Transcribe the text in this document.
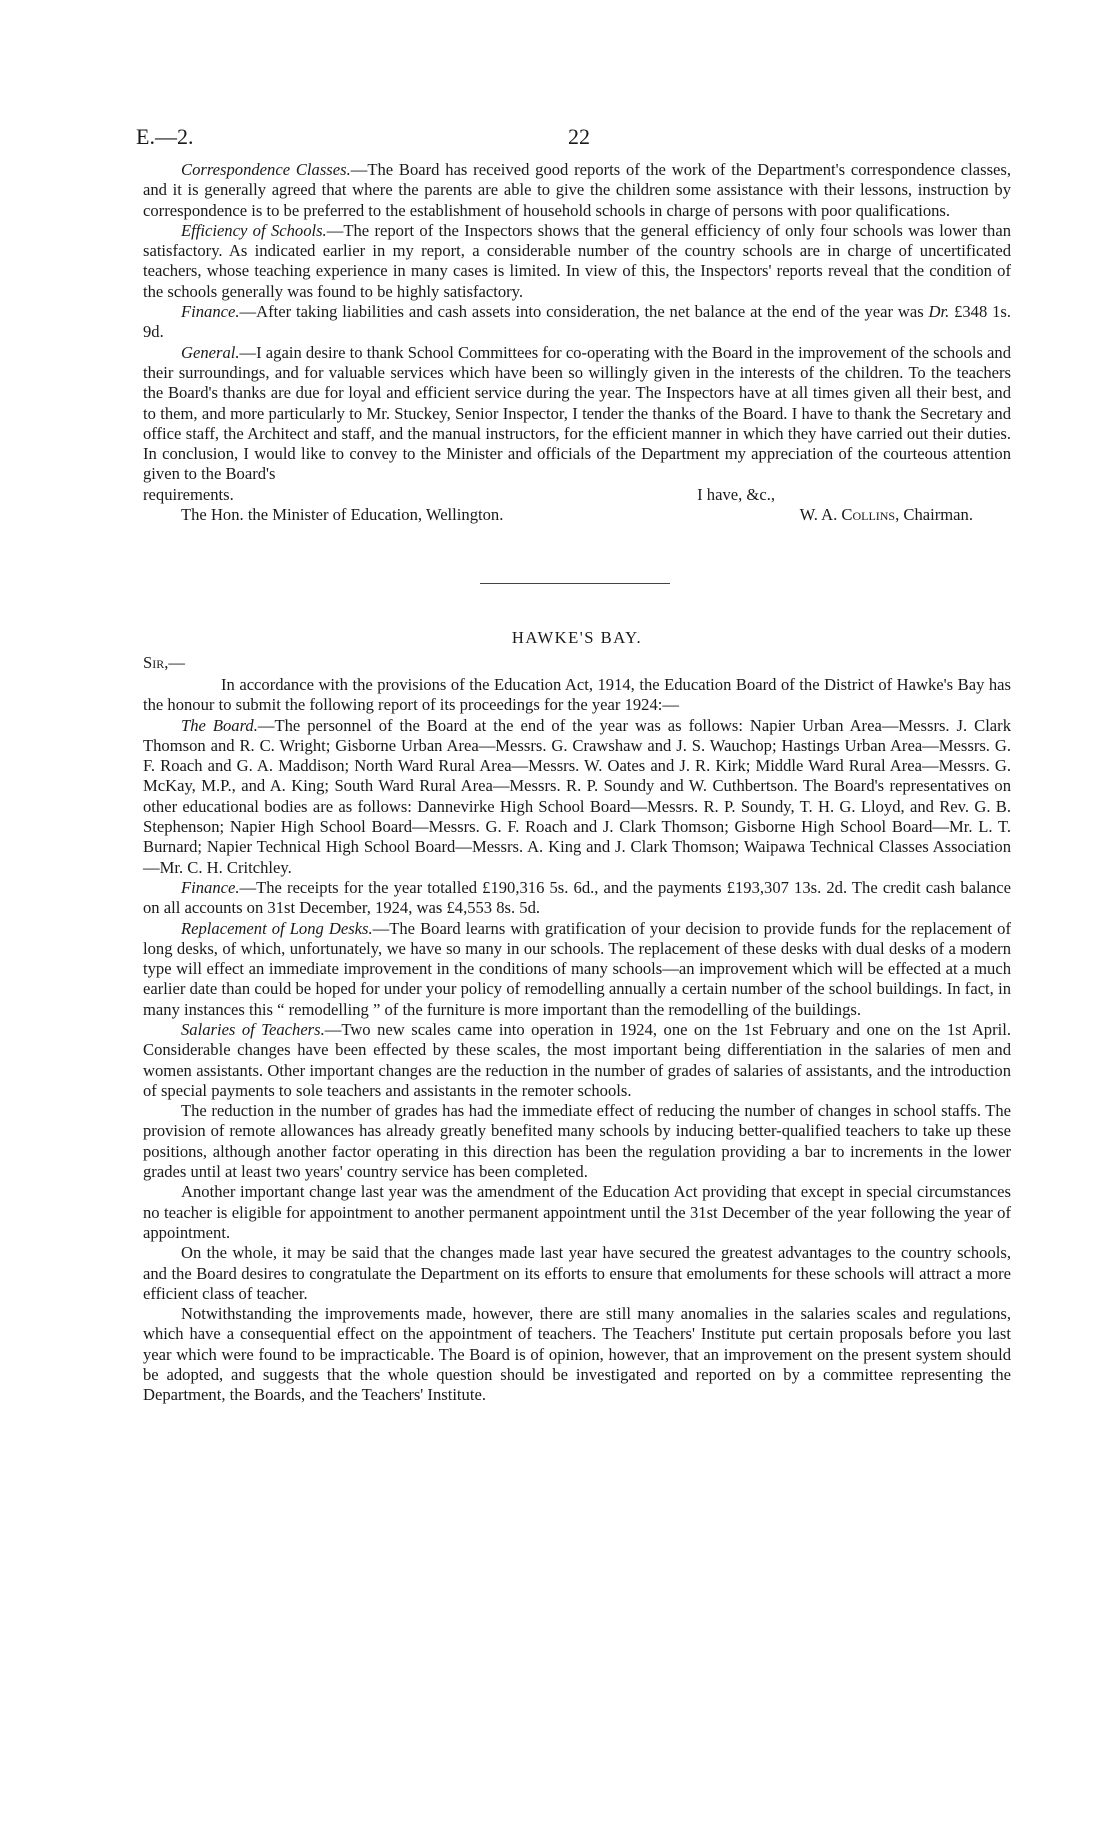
E.—2.	22

Correspondence Classes.—The Board has received good reports of the work of the Department's correspondence classes, and it is generally agreed that where the parents are able to give the children some assistance with their lessons, instruction by correspondence is to be preferred to the establishment of household schools in charge of persons with poor qualifications.

Efficiency of Schools.—The report of the Inspectors shows that the general efficiency of only four schools was lower than satisfactory. As indicated earlier in my report, a considerable number of the country schools are in charge of uncertificated teachers, whose teaching experience in many cases is limited. In view of this, the Inspectors' reports reveal that the condition of the schools generally was found to be highly satisfactory.

Finance.—After taking liabilities and cash assets into consideration, the net balance at the end of the year was Dr. £348 1s. 9d.

General.—I again desire to thank School Committees for co-operating with the Board in the improvement of the schools and their surroundings, and for valuable services which have been so willingly given in the interests of the children. To the teachers the Board's thanks are due for loyal and efficient service during the year. The Inspectors have at all times given all their best, and to them, and more particularly to Mr. Stuckey, Senior Inspector, I tender the thanks of the Board. I have to thank the Secretary and office staff, the Architect and staff, and the manual instructors, for the efficient manner in which they have carried out their duties. In conclusion, I would like to convey to the Minister and officials of the Department my appreciation of the courteous attention given to the Board's

requirements.	I have, &c.,
The Hon. the Minister of Education, Wellington.	W. A. Collins, Chairman.
HAWKE'S BAY.

Sir,—

In accordance with the provisions of the Education Act, 1914, the Education Board of the District of Hawke's Bay has the honour to submit the following report of its proceedings for the year 1924:—

The Board.—The personnel of the Board at the end of the year was as follows: Napier Urban Area—Messrs. J. Clark Thomson and R. C. Wright; Gisborne Urban Area—Messrs. G. Crawshaw and J. S. Wauchop; Hastings Urban Area—Messrs. G. F. Roach and G. A. Maddison; North Ward Rural Area—Messrs. W. Oates and J. R. Kirk; Middle Ward Rural Area—Messrs. G. McKay, M.P., and A. King; South Ward Rural Area—Messrs. R. P. Soundy and W. Cuthbertson. The Board's representatives on other educational bodies are as follows: Dannevirke High School Board—Messrs. R. P. Soundy, T. H. G. Lloyd, and Rev. G. B. Stephenson; Napier High School Board—Messrs. G. F. Roach and J. Clark Thomson; Gisborne High School Board—Mr. L. T. Burnard; Napier Technical High School Board—Messrs. A. King and J. Clark Thomson; Waipawa Technical Classes Association—Mr. C. H. Critchley.

Finance.—The receipts for the year totalled £190,316 5s. 6d., and the payments £193,307 13s. 2d. The credit cash balance on all accounts on 31st December, 1924, was £4,553 8s. 5d.

Replacement of Long Desks.—The Board learns with gratification of your decision to provide funds for the replacement of long desks, of which, unfortunately, we have so many in our schools. The replacement of these desks with dual desks of a modern type will effect an immediate improvement in the conditions of many schools—an improvement which will be effected at a much earlier date than could be hoped for under your policy of remodelling annually a certain number of the school buildings. In fact, in many instances this “ remodelling ” of the furniture is more important than the remodelling of the buildings.

Salaries of Teachers.—Two new scales came into operation in 1924, one on the 1st February and one on the 1st April. Considerable changes have been effected by these scales, the most important being differentiation in the salaries of men and women assistants. Other important changes are the reduction in the number of grades of salaries of assistants, and the introduction of special payments to sole teachers and assistants in the remoter schools.

The reduction in the number of grades has had the immediate effect of reducing the number of changes in school staffs. The provision of remote allowances has already greatly benefited many schools by inducing better-qualified teachers to take up these positions, although another factor operating in this direction has been the regulation providing a bar to increments in the lower grades until at least two years' country service has been completed.

Another important change last year was the amendment of the Education Act providing that except in special circumstances no teacher is eligible for appointment to another permanent appointment until the 31st December of the year following the year of appointment.

On the whole, it may be said that the changes made last year have secured the greatest advantages to the country schools, and the Board desires to congratulate the Department on its efforts to ensure that emoluments for these schools will attract a more efficient class of teacher.

Notwithstanding the improvements made, however, there are still many anomalies in the salaries scales and regulations, which have a consequential effect on the appointment of teachers. The Teachers' Institute put certain proposals before you last year which were found to be impracticable. The Board is of opinion, however, that an improvement on the present system should be adopted, and suggests that the whole question should be investigated and reported on by a committee representing the Department, the Boards, and the Teachers' Institute.
